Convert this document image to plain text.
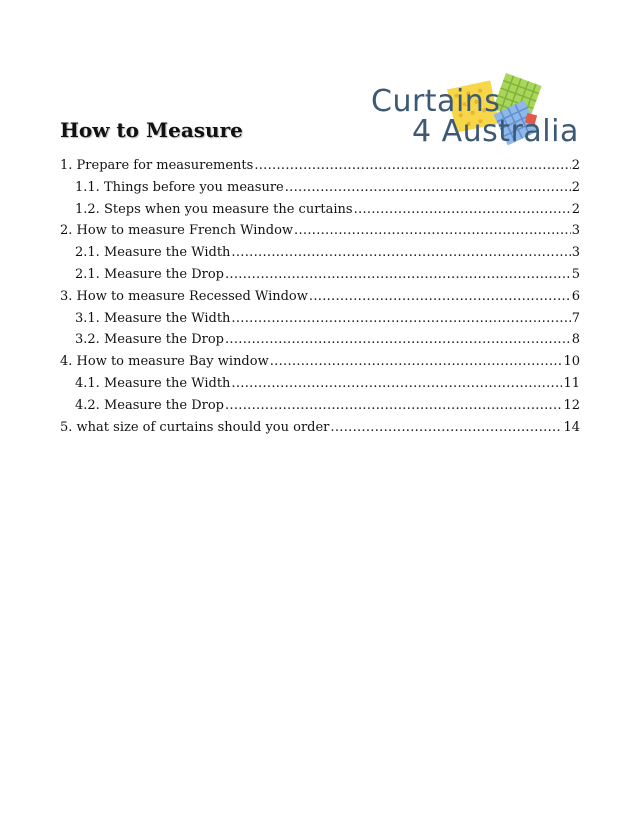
Curtains
4 Australia
How to Measure
1. Prepare for measurements .....	2
1.1. Things before you measure .....	2
1.2. Steps when you measure the curtains .....	2
2. How to measure French Window .....	3
2.1. Measure the Width .....	3
2.1. Measure the Drop .....	5
3. How to measure Recessed Window .....	6
3.1. Measure the Width .....	7
3.2. Measure the Drop .....	8
4. How to measure Bay window .....	10
4.1. Measure the Width .....	11
4.2. Measure the Drop .....	12
5. what size of curtains should you order .....	14
